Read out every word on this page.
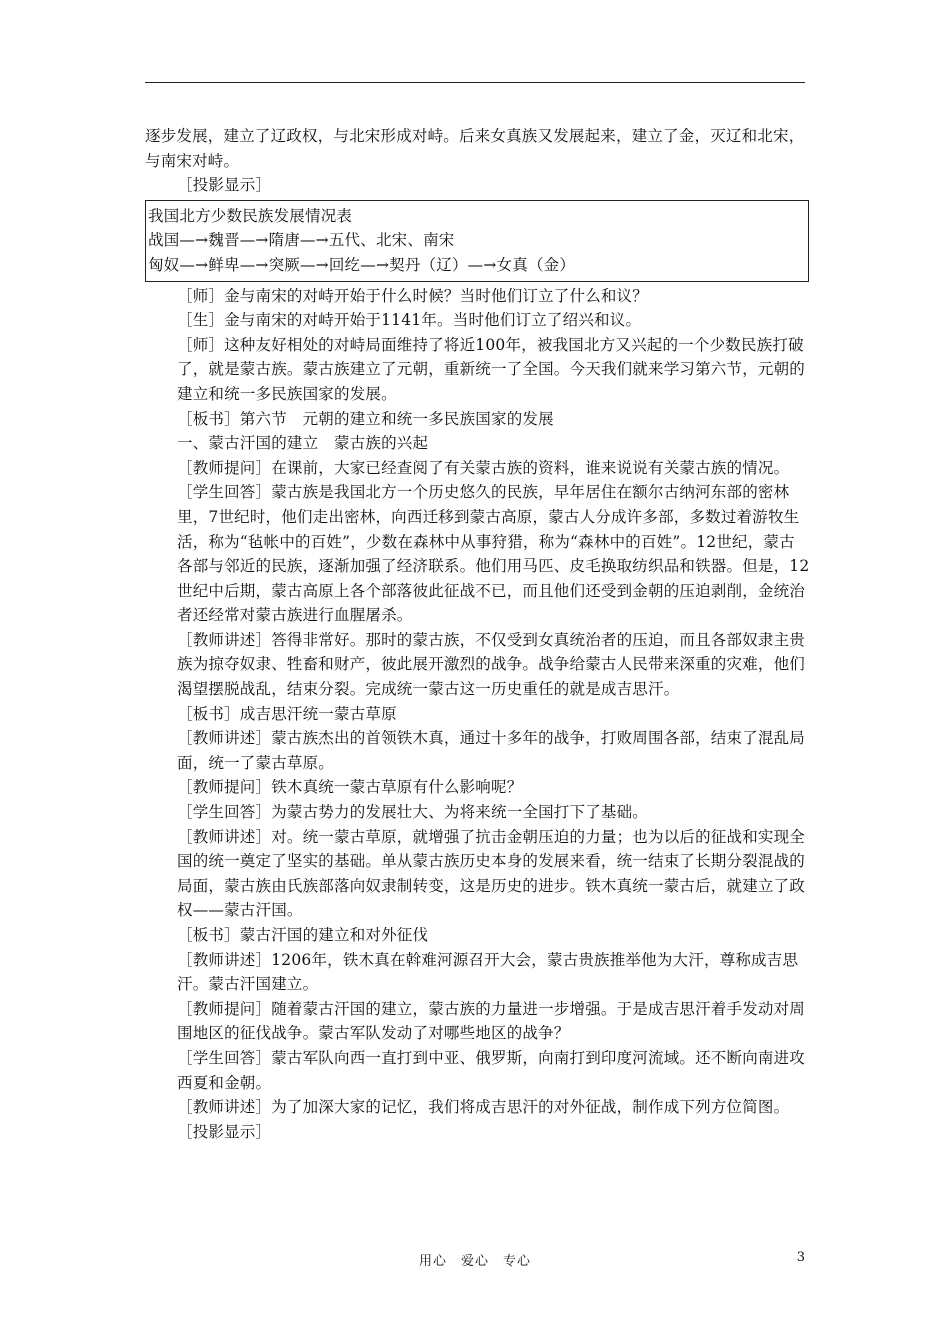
逐步发展，建立了辽政权，与北宋形成对峙。后来女真族又发展起来，建立了金，灭辽和北宋，与南宋对峙。

［投影显示］

我国北方少数民族发展情况表

战国—→魏晋—→隋唐—→五代、北宋、南宋

匈奴—→鲜卑—→突厥—→回纥—→契丹（辽）—→女真（金）

［师］金与南宋的对峙开始于什么时候？当时他们订立了什么和议？

［生］金与南宋的对峙开始于1141年。当时他们订立了绍兴和议。

［师］这种友好相处的对峙局面维持了将近100年，被我国北方又兴起的一个少数民族打破了，就是蒙古族。蒙古族建立了元朝，重新统一了全国。今天我们就来学习第六节，元朝的建立和统一多民族国家的发展。

［板书］第六节　元朝的建立和统一多民族国家的发展

一、蒙古汗国的建立　蒙古族的兴起

［教师提问］在课前，大家已经查阅了有关蒙古族的资料，谁来说说有关蒙古族的情况。

［学生回答］蒙古族是我国北方一个历史悠久的民族，早年居住在额尔古纳河东部的密林里，7世纪时，他们走出密林，向西迁移到蒙古高原，蒙古人分成许多部，多数过着游牧生活，称为“毡帐中的百姓”，少数在森林中从事狩猎，称为“森林中的百姓”。12世纪，蒙古各部与邻近的民族，逐渐加强了经济联系。他们用马匹、皮毛换取纺织品和铁器。但是，12世纪中后期，蒙古高原上各个部落彼此征战不已，而且他们还受到金朝的压迫剥削，金统治者还经常对蒙古族进行血腥屠杀。

［教师讲述］答得非常好。那时的蒙古族，不仅受到女真统治者的压迫，而且各部奴隶主贵族为掠夺奴隶、牲畜和财产，彼此展开激烈的战争。战争给蒙古人民带来深重的灾难，他们渴望摆脱战乱，结束分裂。完成统一蒙古这一历史重任的就是成吉思汗。

［板书］成吉思汗统一蒙古草原

［教师讲述］蒙古族杰出的首领铁木真，通过十多年的战争，打败周围各部，结束了混乱局面，统一了蒙古草原。

［教师提问］铁木真统一蒙古草原有什么影响呢？

［学生回答］为蒙古势力的发展壮大、为将来统一全国打下了基础。

［教师讲述］对。统一蒙古草原，就增强了抗击金朝压迫的力量；也为以后的征战和实现全国的统一奠定了坚实的基础。单从蒙古族历史本身的发展来看，统一结束了长期分裂混战的局面，蒙古族由氏族部落向奴隶制转变，这是历史的进步。铁木真统一蒙古后，就建立了政权——蒙古汗国。

［板书］蒙古汗国的建立和对外征伐

［教师讲述］1206年，铁木真在斡难河源召开大会，蒙古贵族推举他为大汗，尊称成吉思汗。蒙古汗国建立。

［教师提问］随着蒙古汗国的建立，蒙古族的力量进一步增强。于是成吉思汗着手发动对周围地区的征伐战争。蒙古军队发动了对哪些地区的战争？

［学生回答］蒙古军队向西一直打到中亚、俄罗斯，向南打到印度河流域。还不断向南进攻西夏和金朝。

［教师讲述］为了加深大家的记忆，我们将成吉思汗的对外征战，制作成下列方位简图。

［投影显示］

用心　爱心　专心	3
